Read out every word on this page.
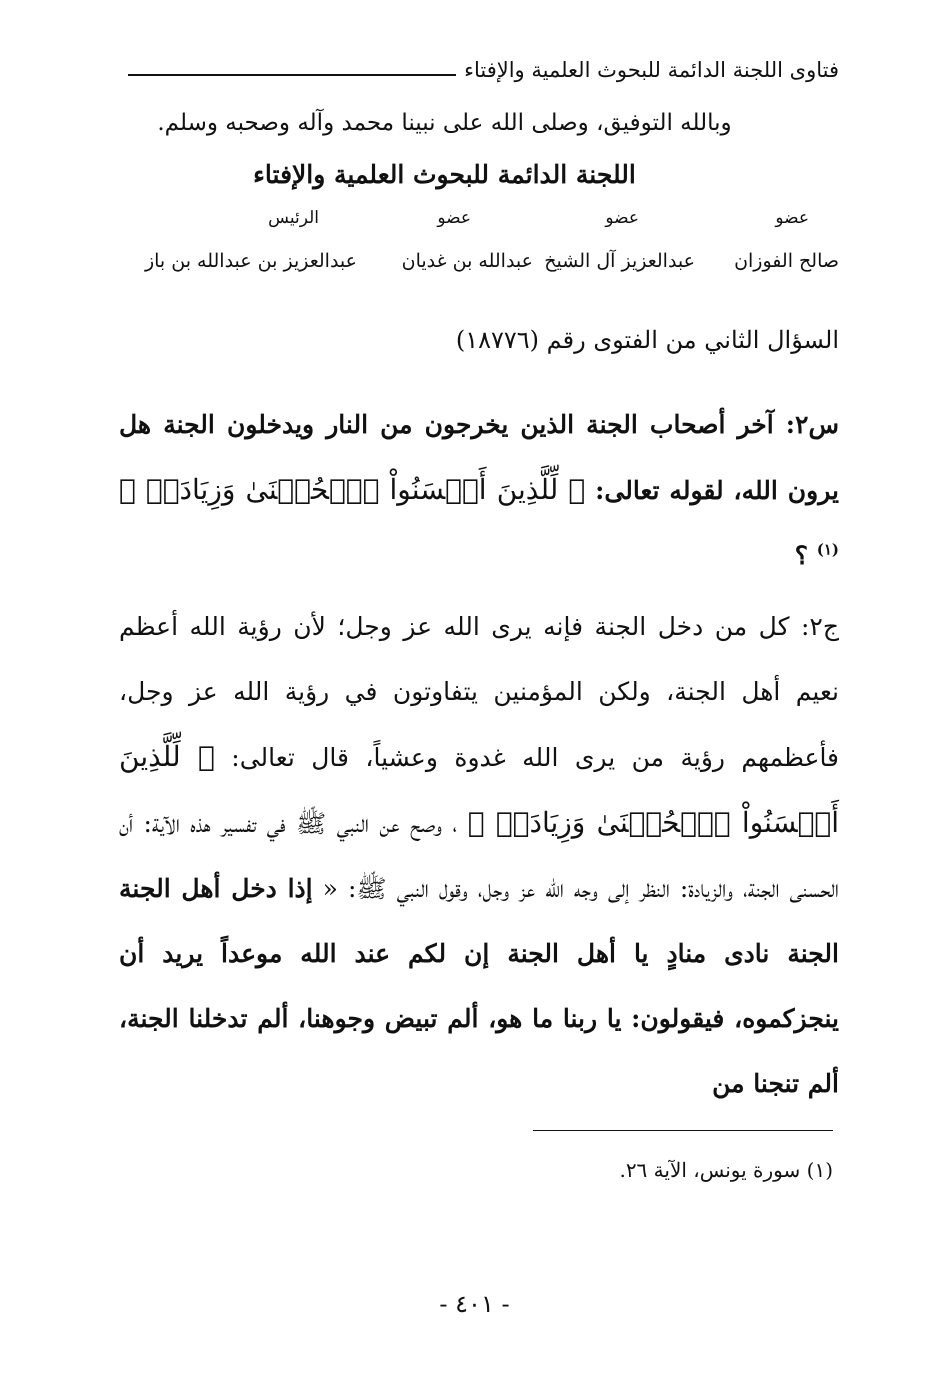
فتاوى اللجنة الدائمة للبحوث العلمية والإفتاء
وبالله التوفيق، وصلى الله على نبينا محمد وآله وصحبه وسلم.
اللجنة الدائمة للبحوث العلمية والإفتاء
عضو
عضو
عضو
الرئيس
صالح الفوزان
عبدالعزيز آل الشيخ
عبدالله بن غديان
عبدالعزيز بن عبدالله بن باز
السؤال الثاني من الفتوى رقم (١٨٧٧٦)

س٢: آخر أصحاب الجنة الذين يخرجون من النار ويدخلون الجنة هل يرون الله، لقوله تعالى: ﴿ لِّلَّذِينَ أَحۡسَنُواْ ٱلۡحُسۡنَىٰ وَزِيَادَةٞ ﴾ $^{(١)}$ ؟

ج٢: كل من دخل الجنة فإنه يرى الله عز وجل؛ لأن رؤية الله أعظم نعيم أهل الجنة، ولكن المؤمنين يتفاوتون في رؤية الله عز وجل، فأعظمهم رؤية من يرى الله غدوة وعشياً، قال تعالى: ﴿ لِّلَّذِينَ أَحۡسَنُواْ ٱلۡحُسۡنَىٰ وَزِيَادَةٞ ﴾ ، وصح عن النبي ﷺ في تفسير هذه الآية: أن الحسنى الجنة، والزيادة: النظر إلى وجه الله عز وجل، وقول النبي ﷺ: « إذا دخل أهل الجنة الجنة نادى منادٍ يا أهل الجنة إن لكم عند الله موعداً يريد أن ينجزكموه، فيقولون: يا ربنا ما هو، ألم تبيض وجوهنا، ألم تدخلنا الجنة، ألم تنجنا من

(١) سورة يونس، الآية ٢٦.
- ٤٠١ -
